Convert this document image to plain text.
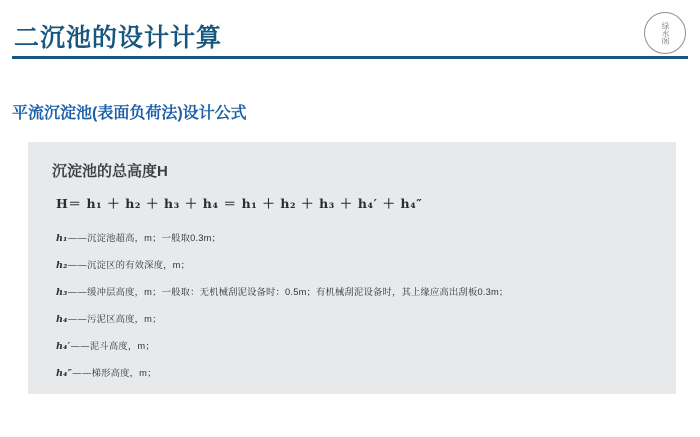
二沉池的设计计算	绿水阁
平流沉淀池(表面负荷法)设计公式
沉淀池的总高度H
H＝ h₁ ＋ h₂ ＋ h₃ ＋ h₄ ＝ h₁ ＋ h₂ ＋ h₃ ＋ h₄′ ＋ h₄″
h₁——沉淀池超高，m；一般取0.3m；
h₂——沉淀区的有效深度，m；
h₃——缓冲层高度，m；一般取：无机械刮泥设备时：0.5m；有机械刮泥设备时，其上缘应高出刮板0.3m；
h₄——污泥区高度，m；
h₄′——泥斗高度，m；
h₄″——梯形高度，m；
